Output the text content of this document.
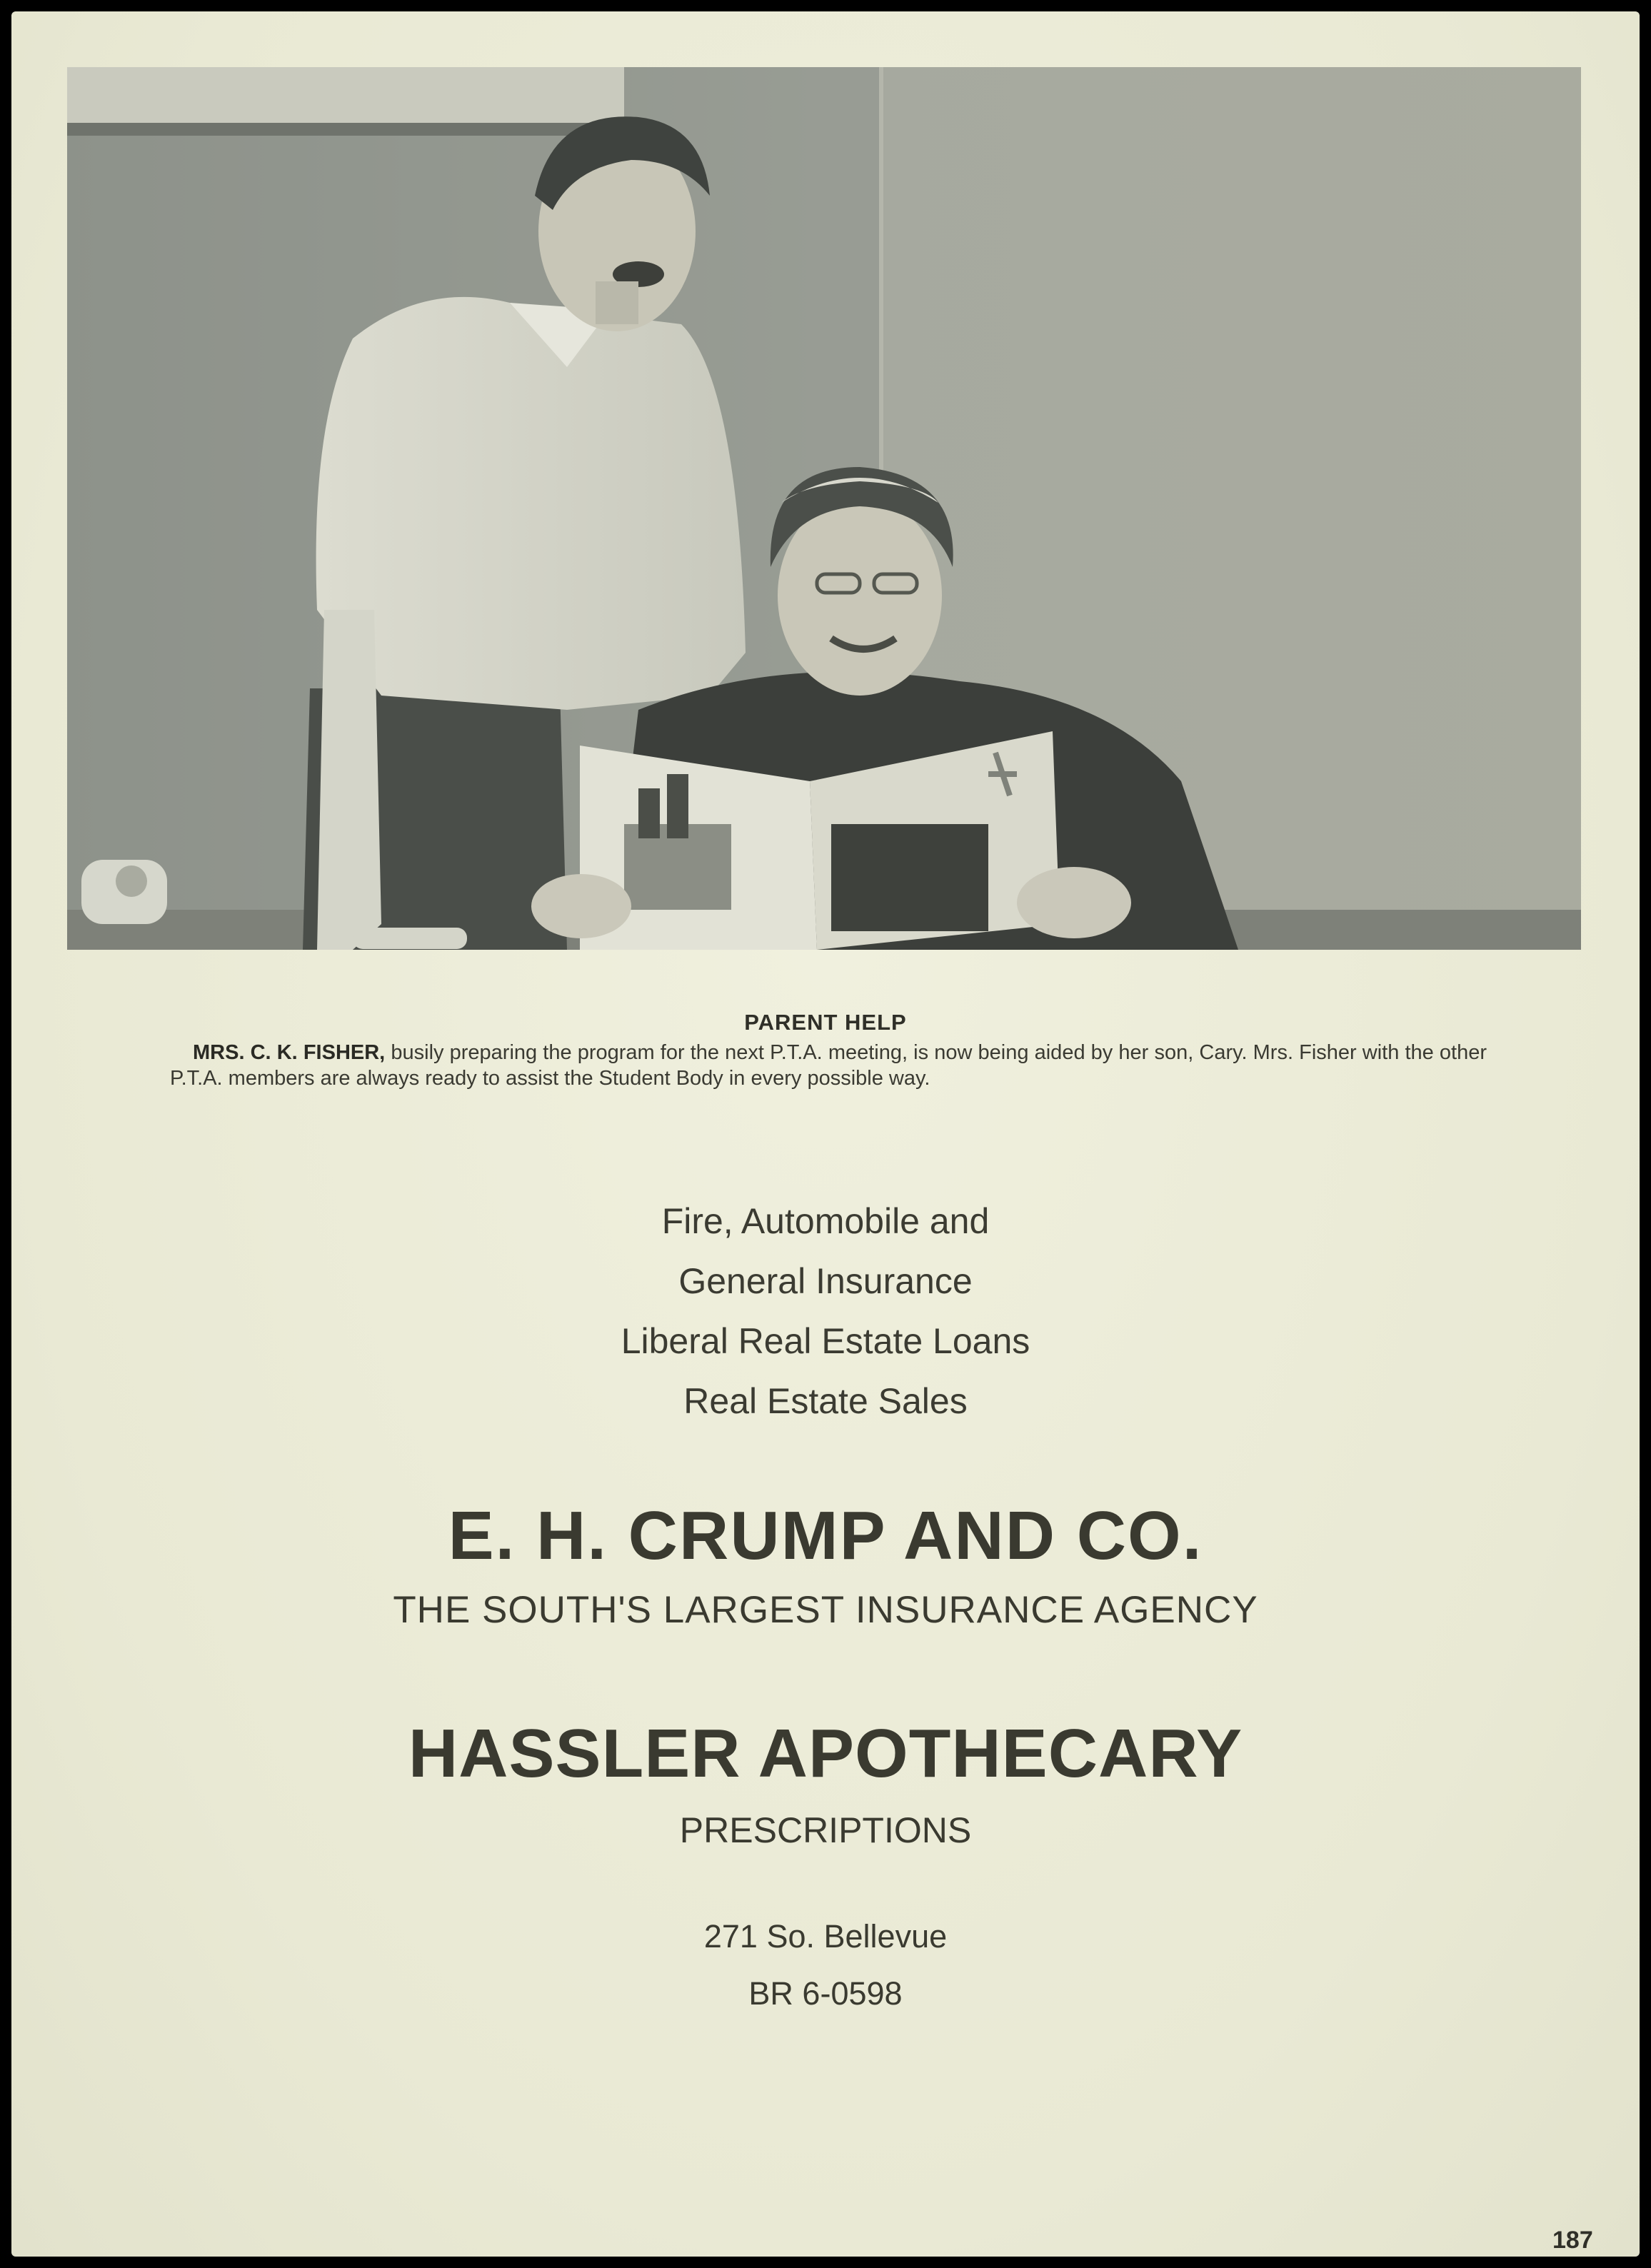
PARENT HELP
MRS. C. K. FISHER, busily preparing the program for the next P.T.A. meeting, is now being aided by her son, Cary. Mrs. Fisher with the other P.T.A. members are always ready to assist the Student Body in every possible way.
Fire, Automobile and
General Insurance
Liberal Real Estate Loans
Real Estate Sales
E. H. CRUMP AND CO.
THE SOUTH'S LARGEST INSURANCE AGENCY
HASSLER APOTHECARY
PRESCRIPTIONS
271 So. Bellevue
BR 6-0598
187
